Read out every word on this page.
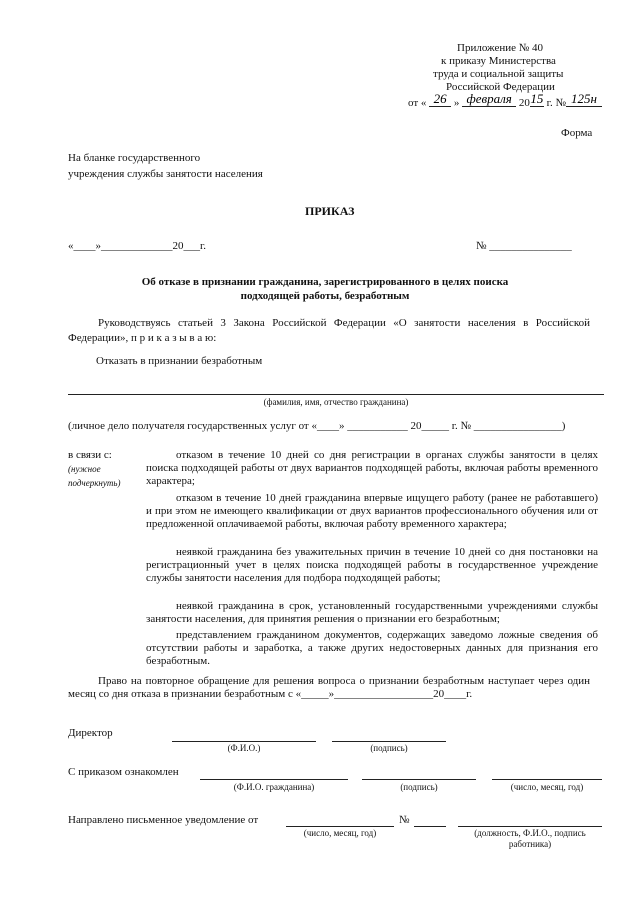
Приложение № 40
к приказу Министерства
труда и социальной защиты
Российской Федерации
от « 26 » февраля 2015 г. № 125н
Форма
На бланке государственного
учреждения службы занятости населения
ПРИКАЗ
«____»_____________20___г.	№ _______________
Об отказе в признании гражданина, зарегистрированного в целях поиска
подходящей работы, безработным
Руководствуясь статьей 3 Закона Российской Федерации «О занятости населения в Российской Федерации», п р и к а з ы в а ю:
Отказать в признании безработным
(фамилия, имя, отчество гражданина)
(личное дело получателя государственных услуг от «____» ___________ 20_____ г. № ________________)
в связи с:
(нужное подчеркнуть)
отказом в течение 10 дней со дня регистрации в органах службы занятости в целях поиска подходящей работы от двух вариантов подходящей работы, включая работы временного характера;
отказом в течение 10 дней гражданина впервые ищущего работу (ранее не работавшего) и при этом не имеющего квалификации от двух вариантов профессионального обучения или от предложенной оплачиваемой работы, включая работу временного характера;
неявкой гражданина без уважительных причин в течение 10 дней со дня постановки на регистрационный учет в целях поиска подходящей работы в государственное учреждение службы занятости населения для подбора подходящей работы;
неявкой гражданина в срок, установленный государственными учреждениями службы занятости населения, для принятия решения о признании его безработным;
представлением гражданином документов, содержащих заведомо ложные сведения об отсутствии работы и заработка, а также других недостоверных данных для признания его безработным.
Право на повторное обращение для решения вопроса о признании безработным наступает через один месяц со дня отказа в признании безработным с «_____»__________________20____г.
Директор
(Ф.И.О.)	(подпись)
С приказом ознакомлен
(Ф.И.О. гражданина)	(подпись)	(число, месяц, год)
Направлено письменное уведомление от
(число, месяц, год)
№
(должность, Ф.И.О., подпись работника)
